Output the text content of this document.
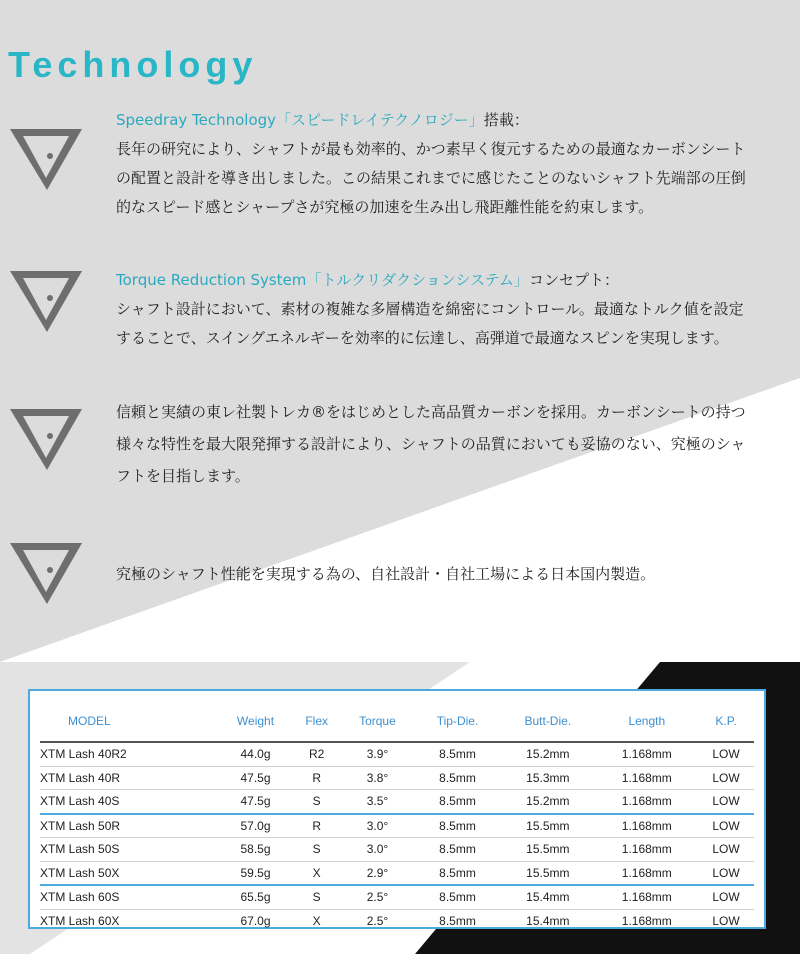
Technology

Speedray Technology「スピードレイテクノロジー」搭載：

長年の研究により、シャフトが最も効率的、かつ素早く復元するための最適なカーボンシート

の配置と設計を導き出しました。この結果これまでに感じたことのないシャフト先端部の圧倒

的なスピード感とシャープさが究極の加速を生み出し飛距離性能を約束します。

Torque Reduction System「トルクリダクションシステム」コンセプト：

シャフト設計において、素材の複雑な多層構造を綿密にコントロール。最適なトルク値を設定

することで、スイングエネルギーを効率的に伝達し、高弾道で最適なスピンを実現します。

信頼と実績の東レ社製トレカ®をはじめとした高品質カーボンを採用。カーボンシートの持つ

様々な特性を最大限発揮する設計により、シャフトの品質においても妥協のない、究極のシャ

フトを目指します。

究極のシャフト性能を実現する為の、自社設計・自社工場による日本国内製造。

MODEL	Weight	Flex	Torque	Tip-Die.	Butt-Die.	Length	K.P.
XTM Lash 40R2	44.0g	R2	3.9°	8.5mm	15.2mm	1.168mm	LOW
XTM Lash 40R	47.5g	R	3.8°	8.5mm	15.3mm	1.168mm	LOW
XTM Lash 40S	47.5g	S	3.5°	8.5mm	15.2mm	1.168mm	LOW
XTM Lash 50R	57.0g	R	3.0°	8.5mm	15.5mm	1.168mm	LOW
XTM Lash 50S	58.5g	S	3.0°	8.5mm	15.5mm	1.168mm	LOW
XTM Lash 50X	59.5g	X	2.9°	8.5mm	15.5mm	1.168mm	LOW
XTM Lash 60S	65.5g	S	2.5°	8.5mm	15.4mm	1.168mm	LOW
XTM Lash 60X	67.0g	X	2.5°	8.5mm	15.4mm	1.168mm	LOW
